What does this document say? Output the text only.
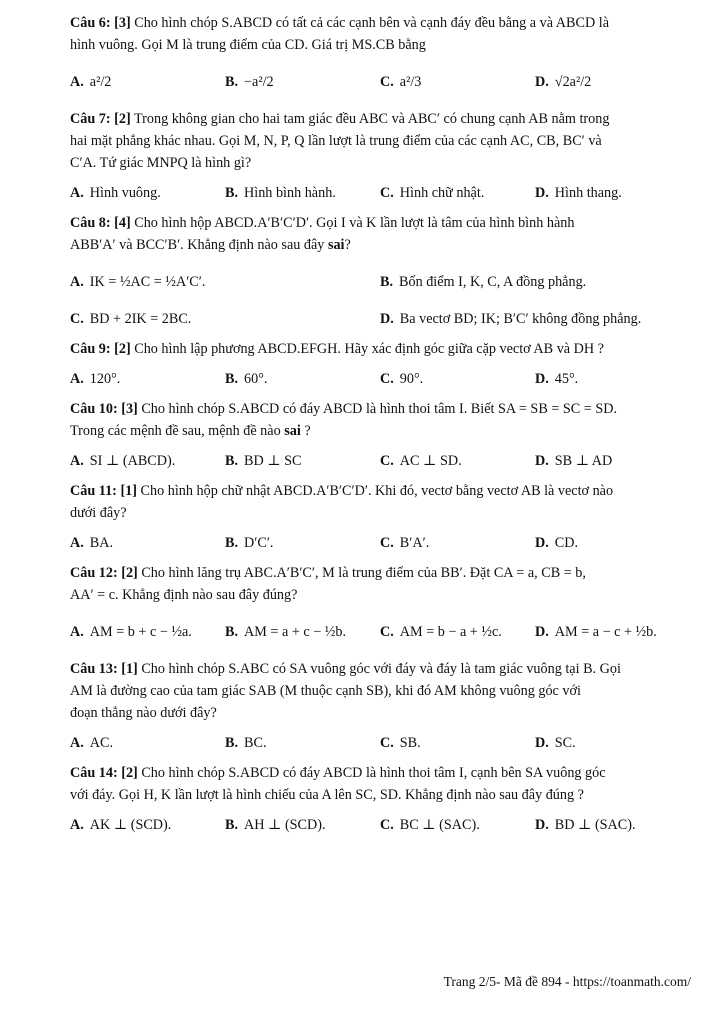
Câu 6: [3] Cho hình chóp S.ABCD có tất cả các cạnh bên và cạnh đáy đều bằng a và ABCD là
hình vuông. Gọi M là trung điểm của CD. Giá trị MS.CB bằng
A. a²/2	B. −a²/2	C. a²/3	D. √2a²/2
Câu 7: [2] Trong không gian cho hai tam giác đều ABC và ABC′ có chung cạnh AB nằm trong
hai mặt phẳng khác nhau. Gọi M, N, P, Q lần lượt là trung điểm của các cạnh AC, CB, BC′ và
C′A. Tứ giác MNPQ là hình gì?
A. Hình vuông.	B. Hình bình hành.	C. Hình chữ nhật.	D. Hình thang.
Câu 8: [4] Cho hình hộp ABCD.A′B′C′D′. Gọi I và K lần lượt là tâm của hình bình hành
ABB′A′ và BCC′B′. Khẳng định nào sau đây sai?
A. IK = ½AC = ½A′C′.	B. Bốn điểm I, K, C, A đồng phẳng.
C. BD + 2IK = 2BC.	D. Ba vectơ BD; IK; B′C′ không đồng phẳng.
Câu 9: [2] Cho hình lập phương ABCD.EFGH. Hãy xác định góc giữa cặp vectơ AB và DH ?
A. 120°.	B. 60°.	C. 90°.	D. 45°.
Câu 10: [3] Cho hình chóp S.ABCD có đáy ABCD là hình thoi tâm I. Biết SA = SB = SC = SD.
Trong các mệnh đề sau, mệnh đề nào sai ?
A. SI ⊥ (ABCD).	B. BD ⊥ SC	C. AC ⊥ SD.	D. SB ⊥ AD
Câu 11: [1] Cho hình hộp chữ nhật ABCD.A′B′C′D′. Khi đó, vectơ bằng vectơ AB là vectơ nào
dưới đây?
A. BA.	B. D′C′.	C. B′A′.	D. CD.
Câu 12: [2] Cho hình lăng trụ ABC.A′B′C′, M là trung điểm của BB′. Đặt CA = a, CB = b,
AA′ = c. Khẳng định nào sau đây đúng?
A. AM = b + c − ½a. B. AM = a + c − ½b. C. AM = b − a + ½c. D. AM = a − c + ½b.
Câu 13: [1] Cho hình chóp S.ABC có SA vuông góc với đáy và đáy là tam giác vuông tại B. Gọi
AM là đường cao của tam giác SAB (M thuộc cạnh SB), khi đó AM không vuông góc với
đoạn thẳng nào dưới đây?
A. AC.	B. BC.	C. SB.	D. SC.
Câu 14: [2] Cho hình chóp S.ABCD có đáy ABCD là hình thoi tâm I, cạnh bên SA vuông góc
với đáy. Gọi H, K lần lượt là hình chiếu của A lên SC, SD. Khẳng định nào sau đây đúng ?
A. AK ⊥ (SCD).	B. AH ⊥ (SCD).	C. BC ⊥ (SAC).	D. BD ⊥ (SAC).
Trang 2/5- Mã đề 894 - https://toanmath.com/
